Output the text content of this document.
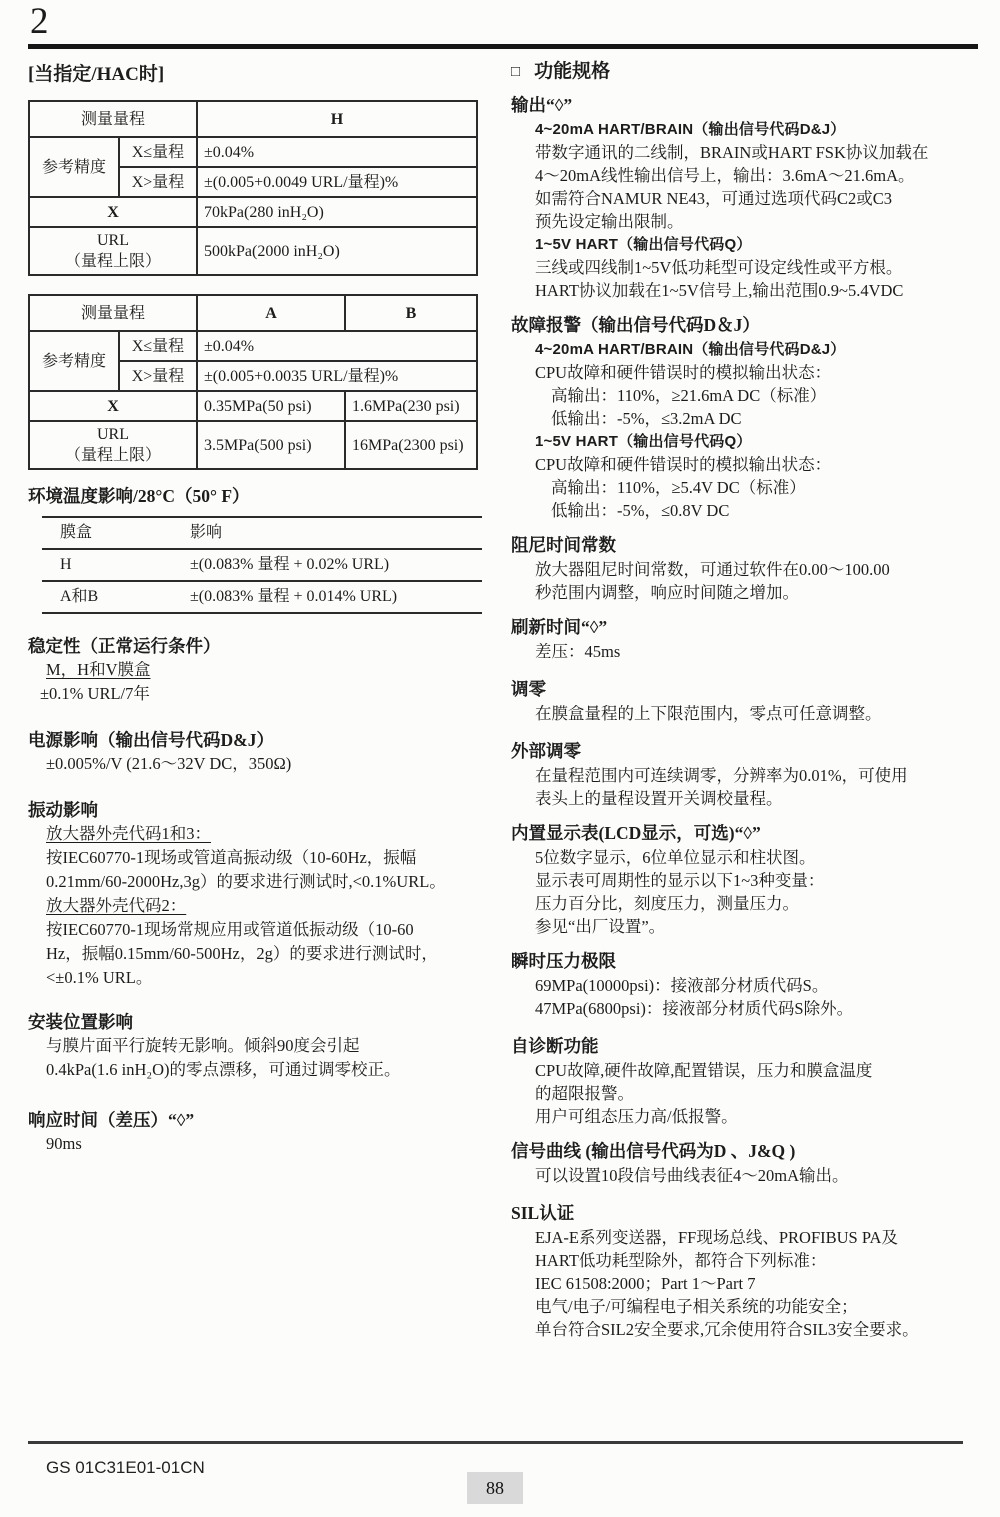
2
[当指定/HAC时]
测量量程		H
参考精度	X≤量程	±0.04%
	X>量程	±(0.005+0.0049 URL/量程)%
X		70kPa(280 inH₂O)

URL
（量程上限）		500kPa(2000 inH₂O)
测量量程		A	B
参考精度	X≤量程	±0.04%	
	X>量程	±(0.005+0.0035 URL/量程)%	
X		0.35MPa(50 psi)	1.6MPa(230 psi)

URL
（量程上限）		3.5MPa(500 psi)	16MPa(2300 psi)
环境温度影响/28°C（50° F）
膜盒	影响
H	±(0.083% 量程 + 0.02% URL)
A和B	±(0.083% 量程 + 0.014% URL)
稳定性（正常运行条件）
M，H和V膜盒
±0.1% URL/7年
电源影响（输出信号代码D&J）
±0.005%/V (21.6～32V DC，350Ω)
振动影响
放大器外壳代码1和3：
按IEC60770-1现场或管道高振动级（10-60Hz，振幅
0.21mm/60-2000Hz,3g）的要求进行测试时,<0.1%URL。
放大器外壳代码2：
按IEC60770-1现场常规应用或管道低振动级（10-60
Hz，振幅0.15mm/60-500Hz，2g）的要求进行测试时，
<±0.1% URL。
安装位置影响
与膜片面平行旋转无影响。倾斜90度会引起
0.4kPa(1.6 inH₂O)的零点漂移，可通过调零校正。
响应时间（差压）“◊”
90ms
□ 功能规格
输出“◊”
4~20mA HART/BRAIN（输出信号代码D&J）
带数字通讯的二线制，BRAIN或HART FSK协议加载在
4～20mA线性输出信号上，输出：3.6mA～21.6mA。
如需符合NAMUR NE43，可通过选项代码C2或C3
预先设定输出限制。
1~5V HART（输出信号代码Q）
三线或四线制1~5V低功耗型可设定线性或平方根。
HART协议加载在1~5V信号上,输出范围0.9~5.4VDC
故障报警（输出信号代码D＆J）
4~20mA HART/BRAIN（输出信号代码D&J）
CPU故障和硬件错误时的模拟输出状态：
高输出：110%，≥21.6mA DC（标准）
低输出：-5%，≤3.2mA DC
1~5V HART（输出信号代码Q）
CPU故障和硬件错误时的模拟输出状态：
高输出：110%，≥5.4V DC（标准）
低输出：-5%，≤0.8V DC
阻尼时间常数
放大器阻尼时间常数，可通过软件在0.00～100.00
秒范围内调整，响应时间随之增加。
刷新时间“◊”
差压：45ms
调零
在膜盒量程的上下限范围内，零点可任意调整。
外部调零
在量程范围内可连续调零，分辨率为0.01%，可使用
表头上的量程设置开关调校量程。
内置显示表(LCD显示，可选)“◊”
5位数字显示，6位单位显示和柱状图。
显示表可周期性的显示以下1~3种变量：
压力百分比，刻度压力，测量压力。
参见“出厂设置”。
瞬时压力极限
69MPa(10000psi)：接液部分材质代码S。
47MPa(6800psi)：接液部分材质代码S除外。
自诊断功能
CPU故障,硬件故障,配置错误，压力和膜盒温度
的超限报警。
用户可组态压力高/低报警。
信号曲线 (输出信号代码为D 、J&Q )
可以设置10段信号曲线表征4～20mA输出。
SIL认证
EJA-E系列变送器，FF现场总线、PROFIBUS PA及
HART低功耗型除外，都符合下列标准：
IEC 61508:2000；Part 1～Part 7
电气/电子/可编程电子相关系统的功能安全；
单台符合SIL2安全要求,冗余使用符合SIL3安全要求。
GS 01C31E01-01CN
88
